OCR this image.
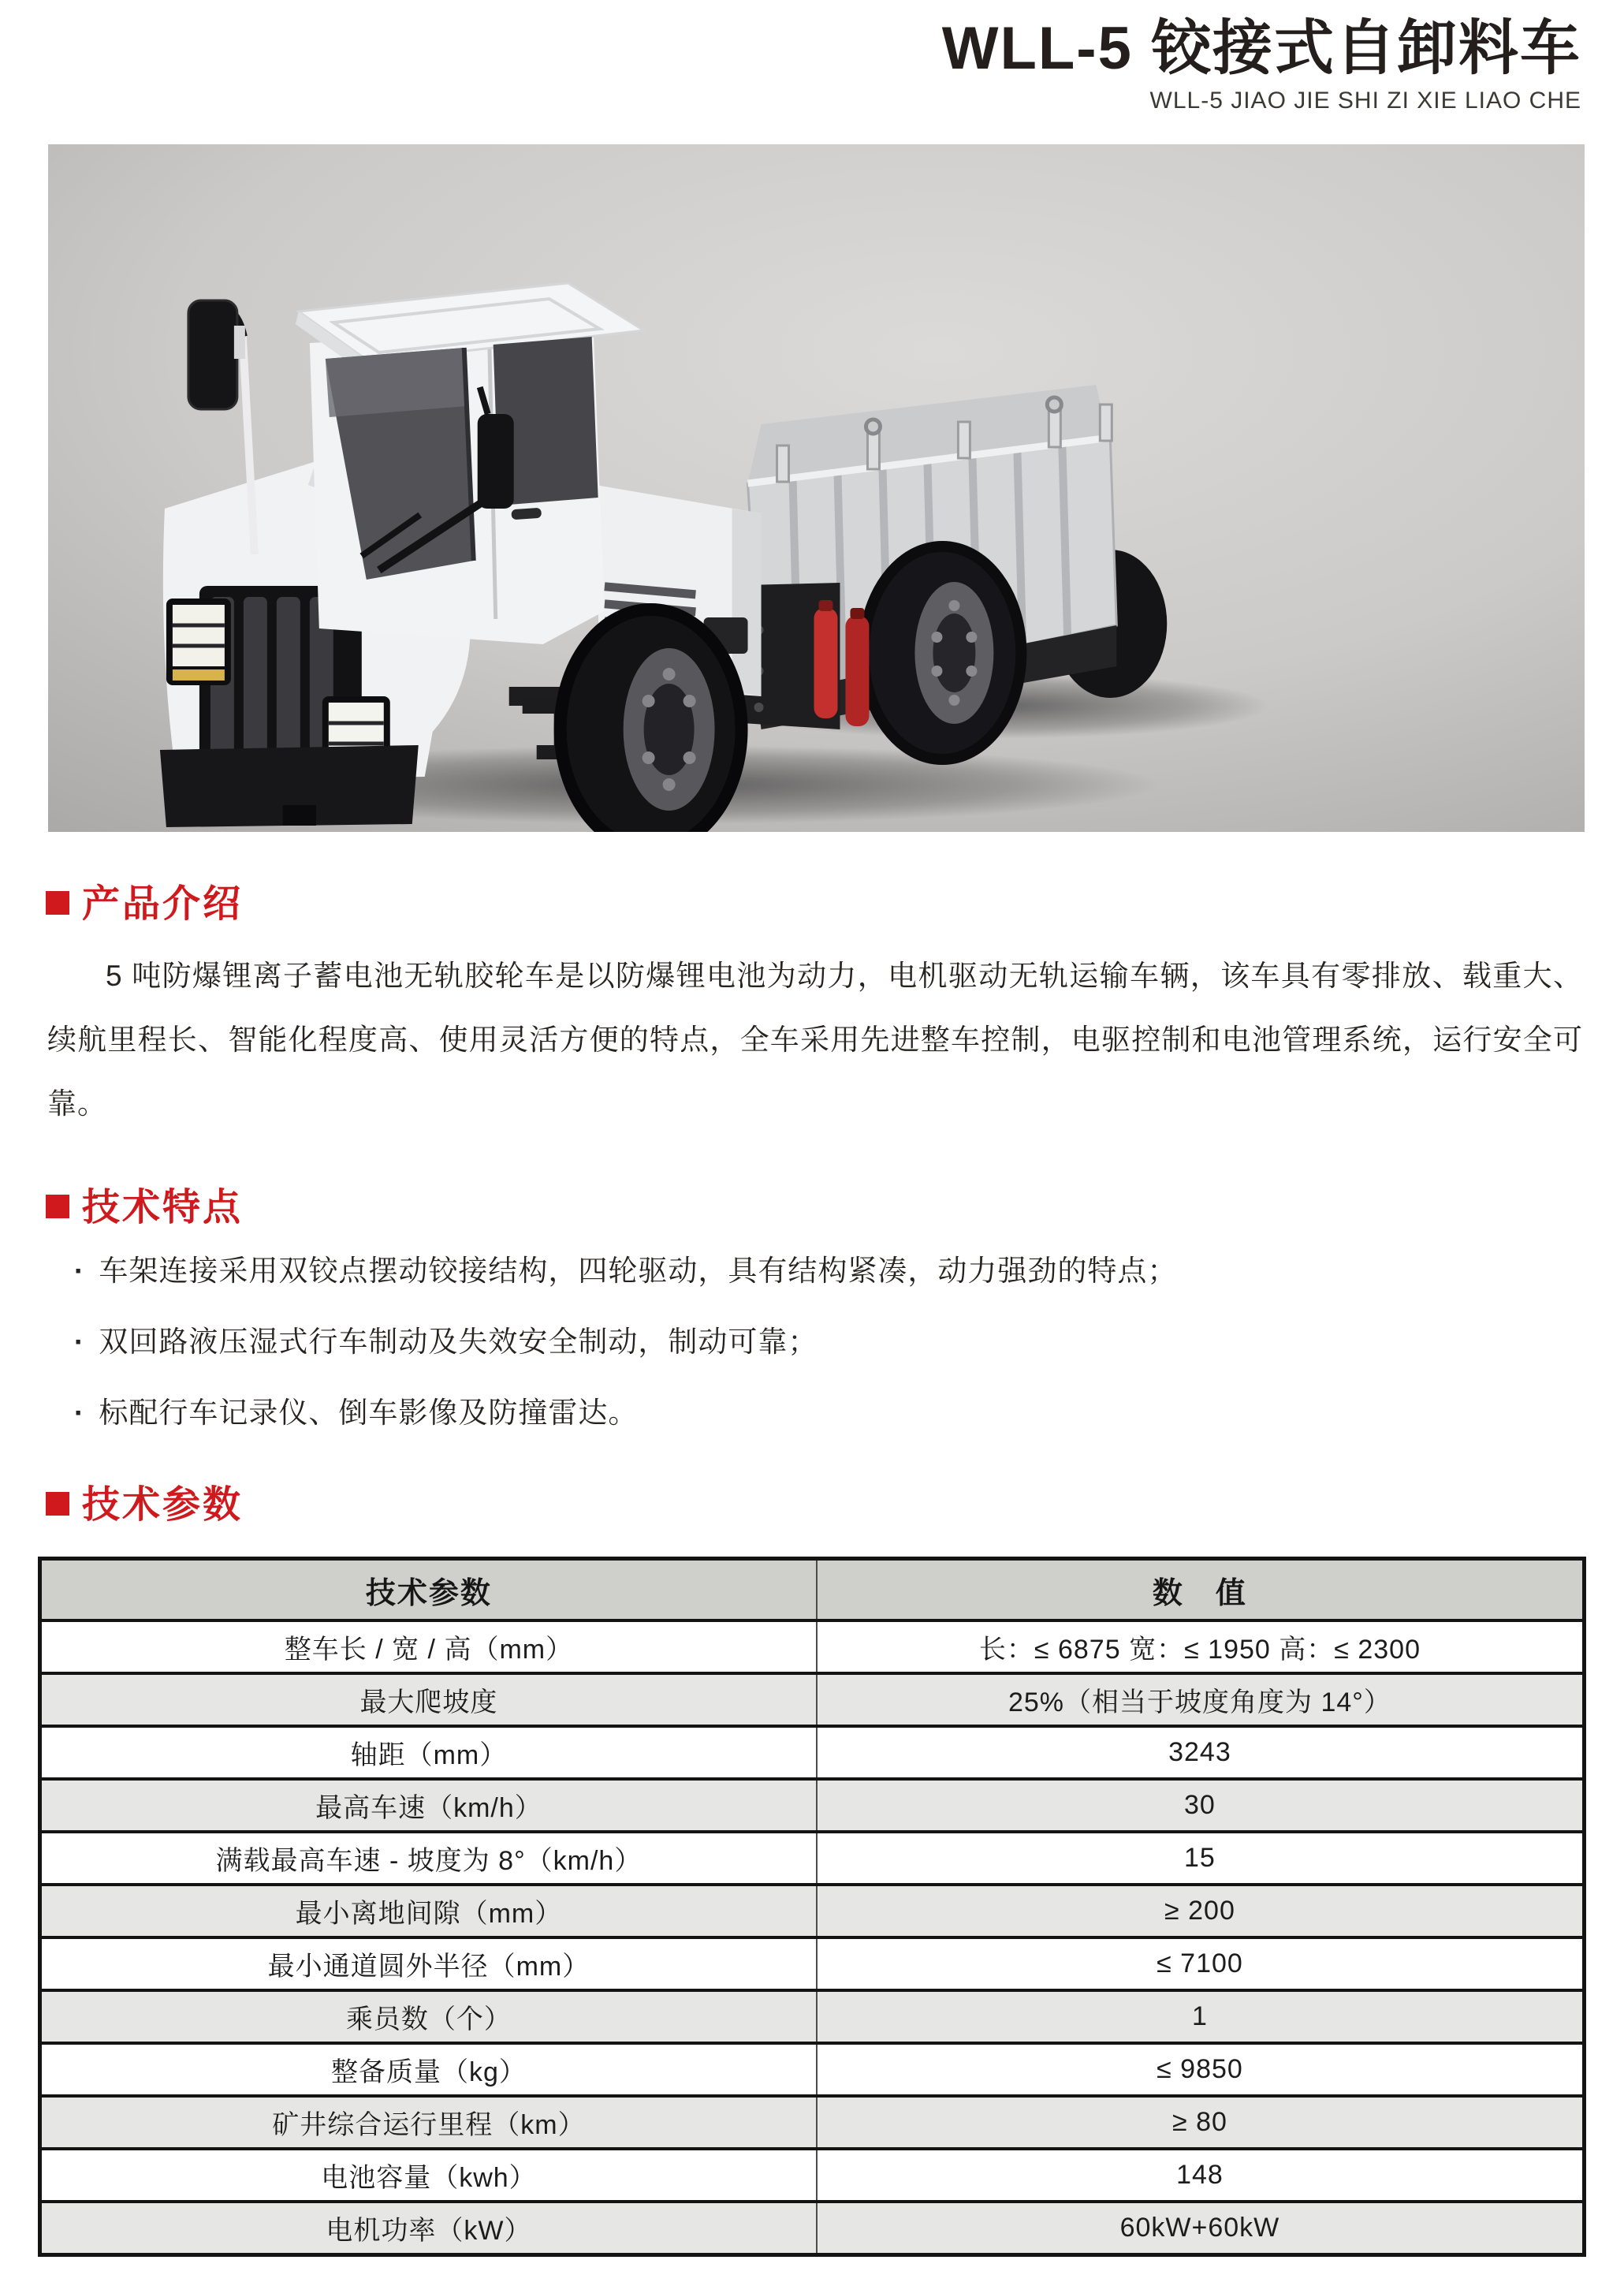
WLL-5 铰接式自卸料车
WLL-5 JIAO JIE SHI ZI XIE LIAO CHE
产品介绍

5 吨防爆锂离子蓄电池无轨胶轮车是以防爆锂电池为动力，电机驱动无轨运输车辆，该车具有零排放、载重大、续航里程长、智能化程度高、使用灵活方便的特点，全车采用先进整车控制，电驱控制和电池管理系统，运行安全可靠。

技术特点
· 车架连接采用双铰点摆动铰接结构，四轮驱动，具有结构紧凑，动力强劲的特点；
· 双回路液压湿式行车制动及失效安全制动，制动可靠；
· 标配行车记录仪、倒车影像及防撞雷达。
技术参数
技术参数	数　值
整车长 / 宽 / 高（mm）	长：≤ 6875 宽：≤ 1950 高：≤ 2300
最大爬坡度	25%（相当于坡度角度为 14°）
轴距（mm）	3243
最高车速（km/h）	30
满载最高车速 - 坡度为 8°（km/h）	15
最小离地间隙（mm）	≥ 200
最小通道圆外半径（mm）	≤ 7100
乘员数（个）	1
整备质量（kg）	≤ 9850
矿井综合运行里程（km）	≥ 80
电池容量（kwh）	148
电机功率（kW）	60kW+60kW
